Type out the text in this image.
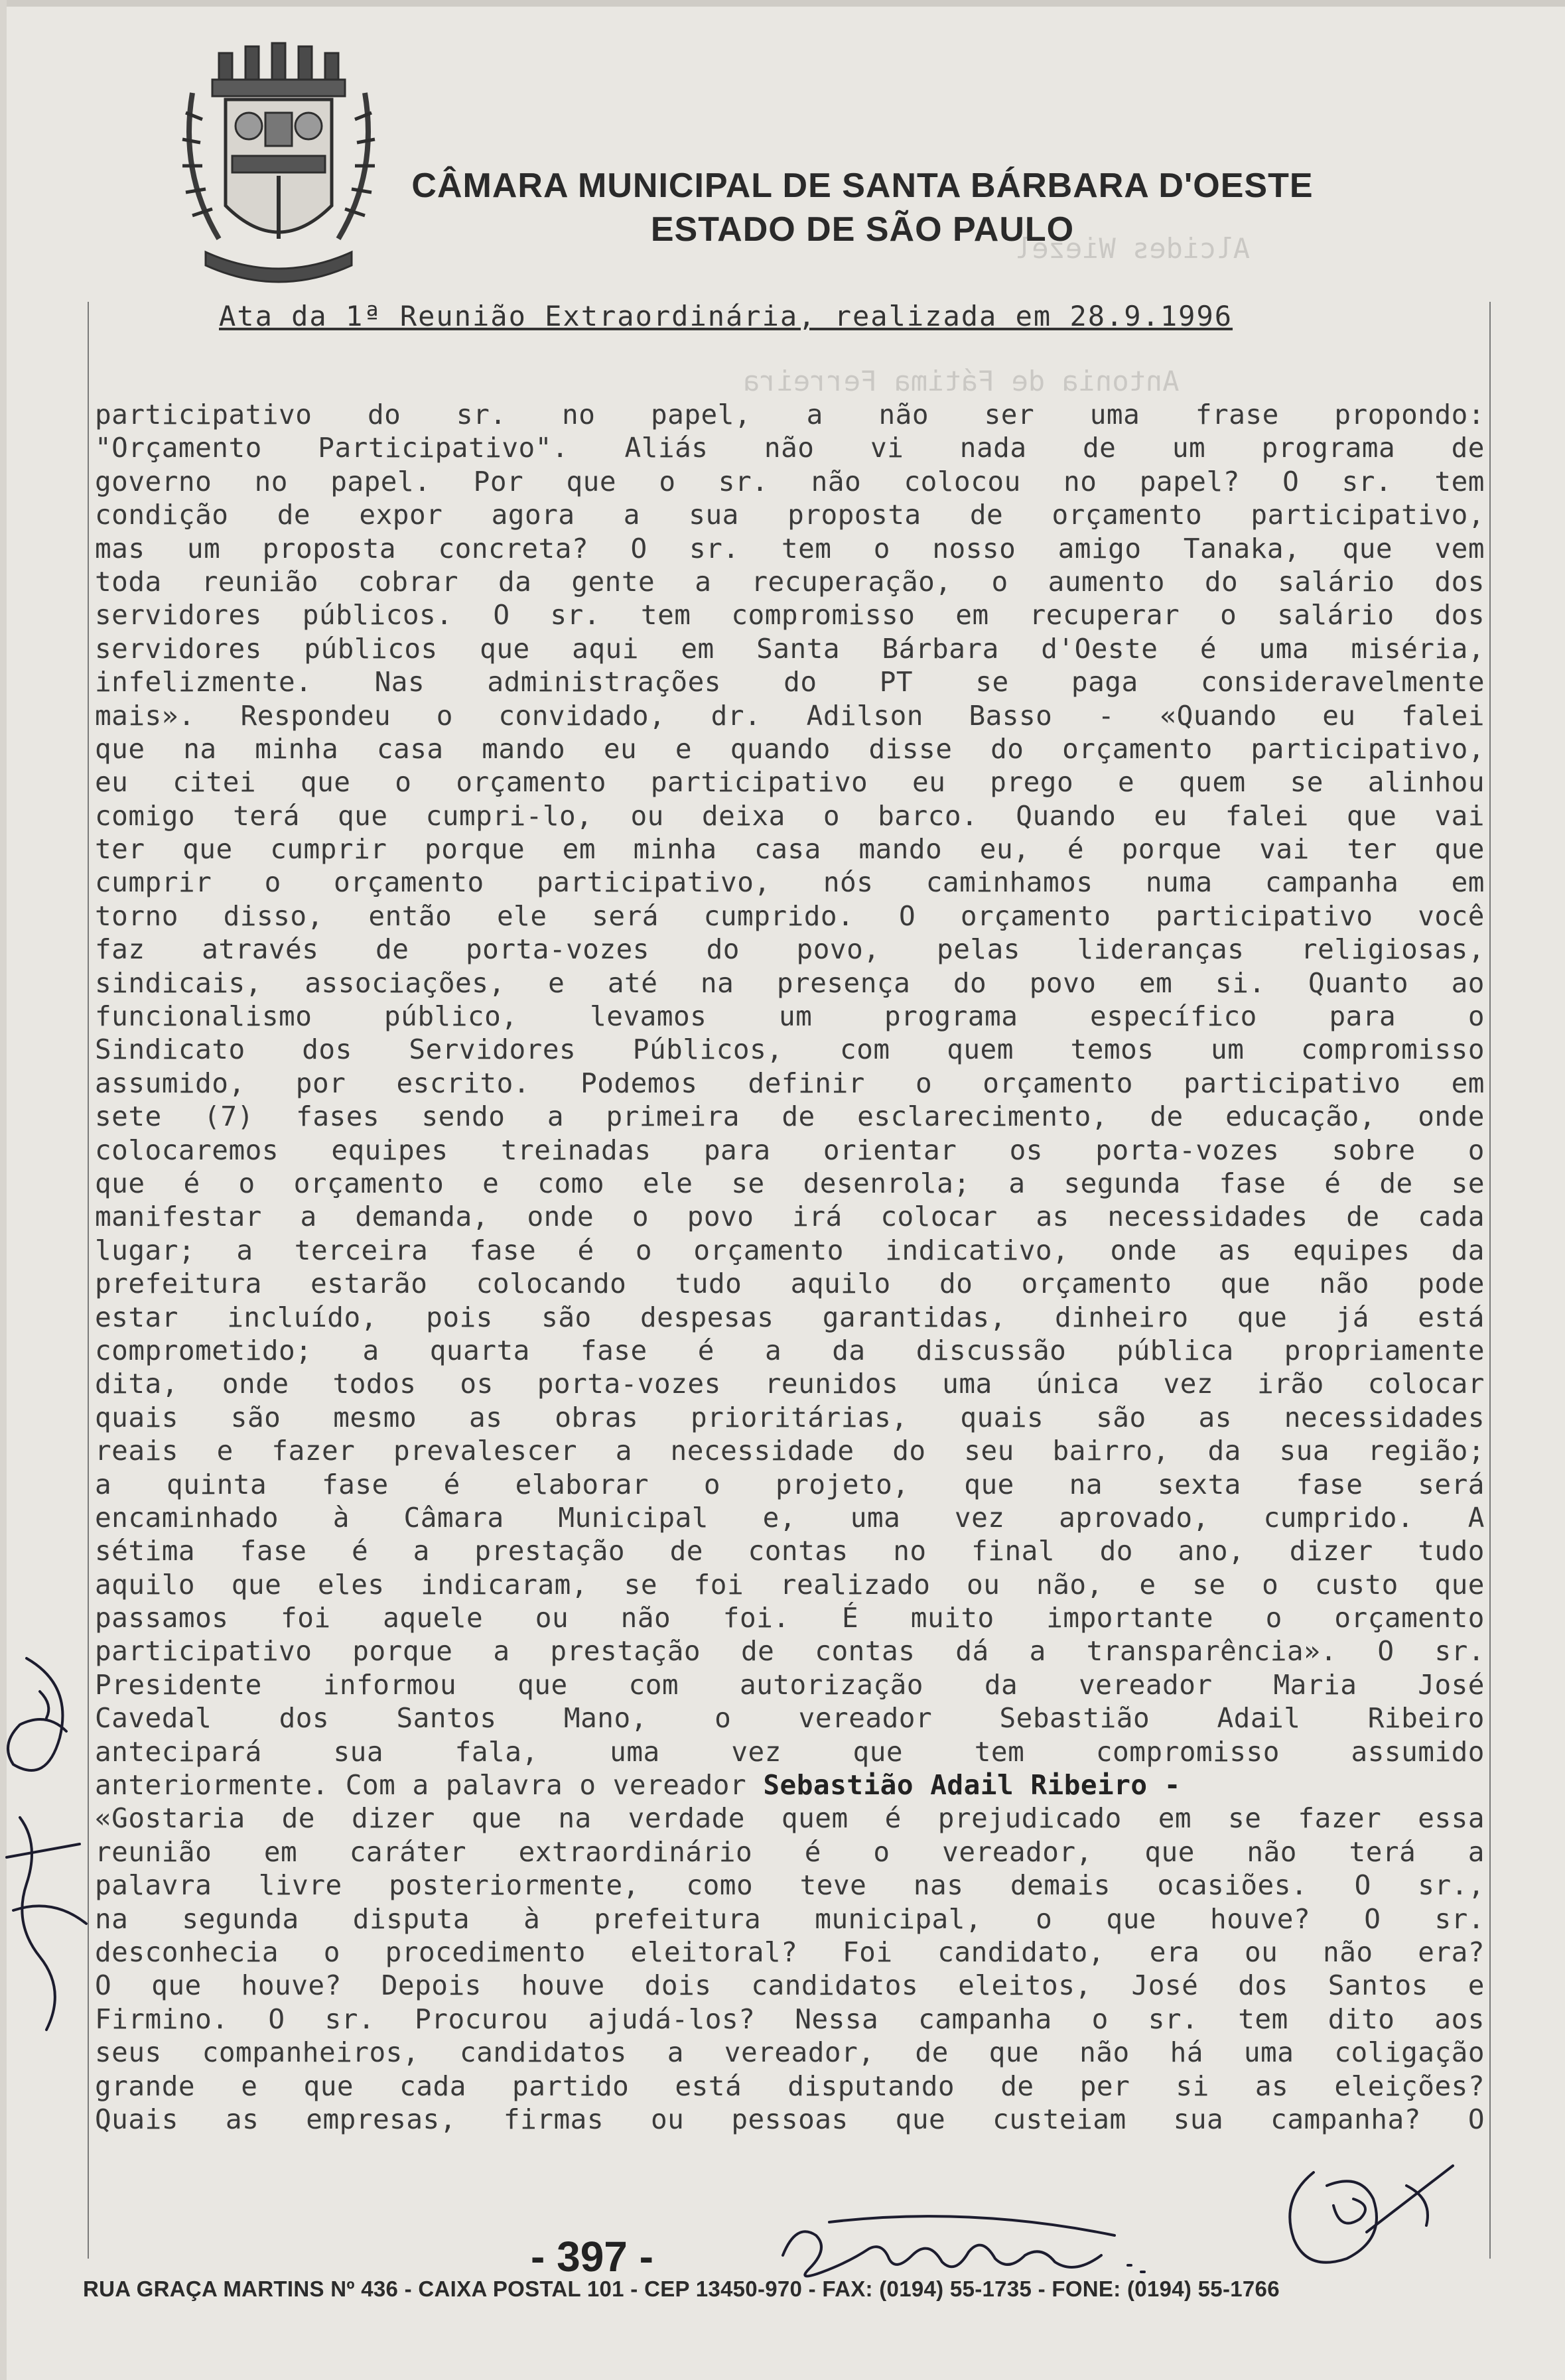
CÂMARA MUNICIPAL DE SANTA BÁRBARA D'OESTE
ESTADO DE SÃO PAULO
Alcides Wiezel
Antonia de Fátima Ferreira
Ata da 1ª Reunião Extraordinária, realizada em 28.9.1996
participativo do sr. no papel, a não ser uma frase propondo:
"Orçamento Participativo". Aliás não vi nada de um programa de
governo no papel. Por que o sr. não colocou no papel? O sr. tem
condição de expor agora a sua proposta de orçamento participativo,
mas um proposta concreta? O sr. tem o nosso amigo Tanaka, que vem
toda reunião cobrar da gente a recuperação, o aumento do salário dos
servidores públicos. O sr. tem compromisso em recuperar o salário dos
servidores públicos que aqui em Santa Bárbara d'Oeste é uma miséria,
infelizmente. Nas administrações do PT se paga consideravelmente
mais». Respondeu o convidado, dr. Adilson Basso - «Quando eu falei
que na minha casa mando eu e quando disse do orçamento participativo,
eu citei que o orçamento participativo eu prego e quem se alinhou
comigo terá que cumpri-lo, ou deixa o barco. Quando eu falei que vai
ter que cumprir porque em minha casa mando eu, é porque vai ter que
cumprir o orçamento participativo, nós caminhamos numa campanha em
torno disso, então ele será cumprido. O orçamento participativo você
faz através de porta-vozes do povo, pelas lideranças religiosas,
sindicais, associações, e até na presença do povo em si. Quanto ao
funcionalismo público, levamos um programa específico para o
Sindicato dos Servidores Públicos, com quem temos um compromisso
assumido, por escrito. Podemos definir o orçamento participativo em
sete (7) fases sendo a primeira de esclarecimento, de educação, onde
colocaremos equipes treinadas para orientar os porta-vozes sobre o
que é o orçamento e como ele se desenrola; a segunda fase é de se
manifestar a demanda, onde o povo irá colocar as necessidades de cada
lugar; a terceira fase é o orçamento indicativo, onde as equipes da
prefeitura estarão colocando tudo aquilo do orçamento que não pode
estar incluído, pois são despesas garantidas, dinheiro que já está
comprometido; a quarta fase é a da discussão pública propriamente
dita, onde todos os porta-vozes reunidos uma única vez irão colocar
quais são mesmo as obras prioritárias, quais são as necessidades
reais e fazer prevalescer a necessidade do seu bairro, da sua região;
a quinta fase é elaborar o projeto, que na sexta fase será
encaminhado à Câmara Municipal e, uma vez aprovado, cumprido. A
sétima fase é a prestação de contas no final do ano, dizer tudo
aquilo que eles indicaram, se foi realizado ou não, e se o custo que
passamos foi aquele ou não foi. É muito importante o orçamento
participativo porque a prestação de contas dá a transparência». O sr.
Presidente informou que com autorização da vereador Maria José
Cavedal dos Santos Mano, o vereador Sebastião Adail Ribeiro
antecipará sua fala, uma vez que tem compromisso assumido
anteriormente. Com a palavra o vereador Sebastião Adail Ribeiro -
«Gostaria de dizer que na verdade quem é prejudicado em se fazer essa
reunião em caráter extraordinário é o vereador, que não terá a
palavra livre posteriormente, como teve nas demais ocasiões. O sr.,
na segunda disputa à prefeitura municipal, o que houve? O sr.
desconhecia o procedimento eleitoral? Foi candidato, era ou não era?
O que houve? Depois houve dois candidatos eleitos, José dos Santos e
Firmino. O sr. Procurou ajudá-los? Nessa campanha o sr. tem dito aos
seus companheiros, candidatos a vereador, de que não há uma coligação
grande e que cada partido está disputando de per si as eleições?
Quais as empresas, firmas ou pessoas que custeiam sua campanha? O
- 397 -
RUA GRAÇA MARTINS Nº 436 - CAIXA POSTAL 101 - CEP 13450-970 - FAX: (0194) 55-1735 - FONE: (0194) 55-1766
